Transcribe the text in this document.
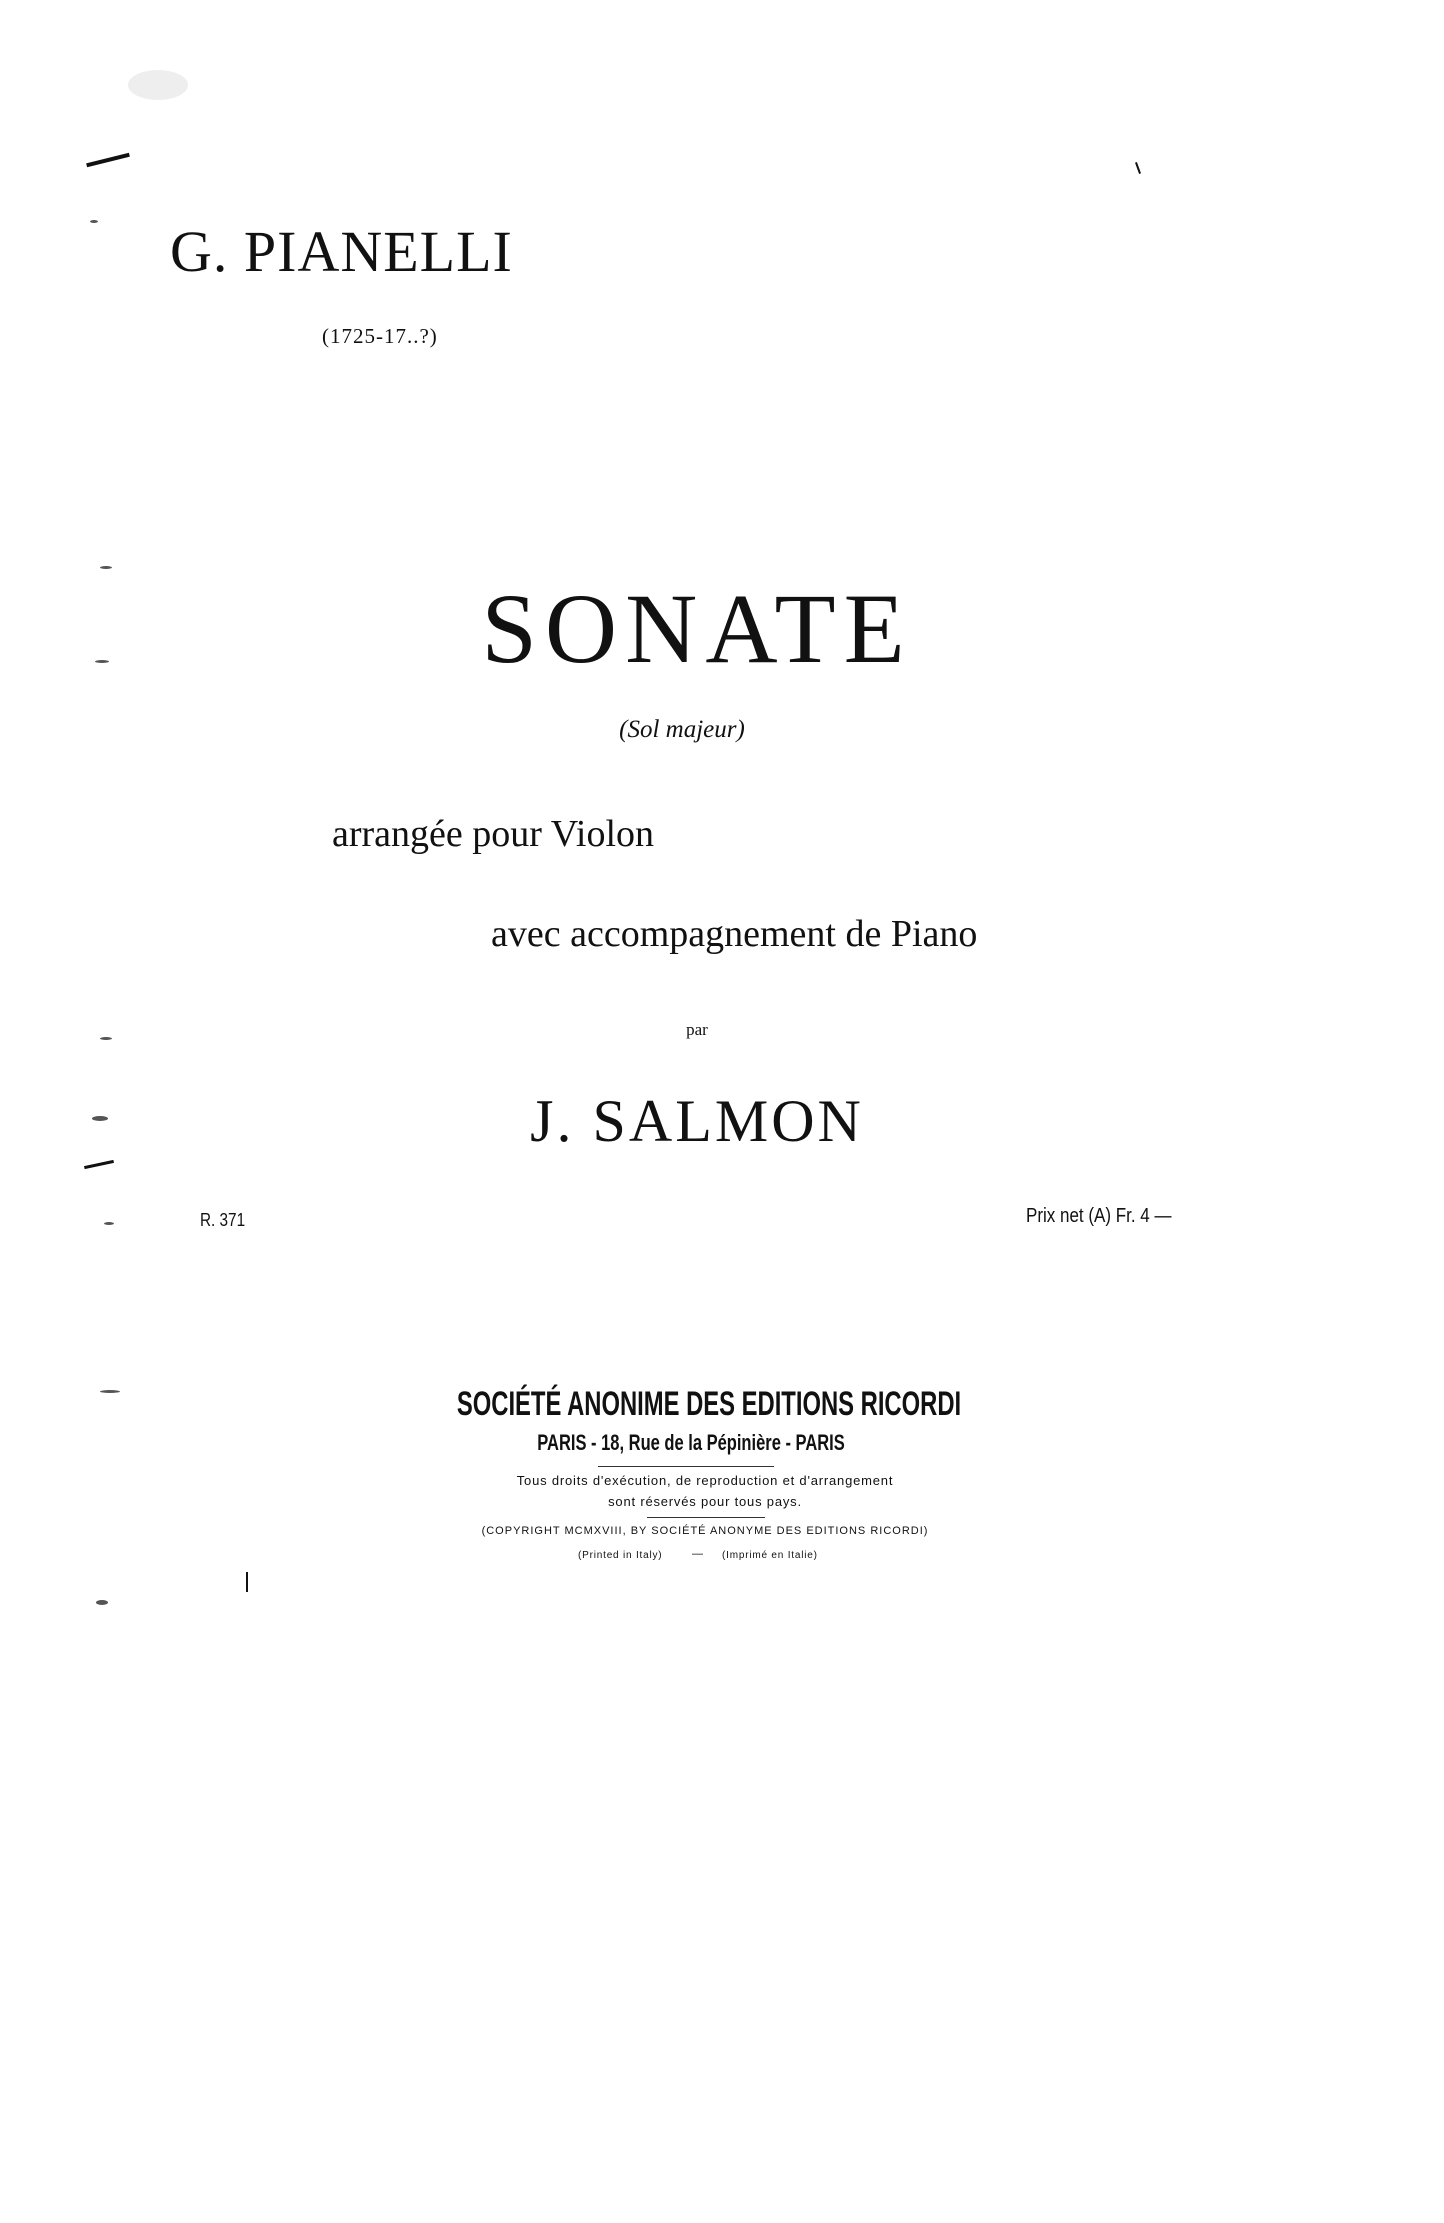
G. PIANELLI
(1725-17..?)
SONATE
(Sol majeur)
arrangée pour Violon
avec accompagnement de Piano
par
J. SALMON
R. 371	Prix net (A) Fr. 4 —
SOCIÉTÉ ANONIME DES EDITIONS RICORDI
PARIS - 18, Rue de la Pépinière - PARIS
Tous droits d'exécution, de reproduction et d'arrangement
sont réservés pour tous pays.
(COPYRIGHT MCMXVIII, BY SOCIÉTÉ ANONYME DES EDITIONS RICORDI)
(Printed in Italy)	— (Imprimé en Italie)
